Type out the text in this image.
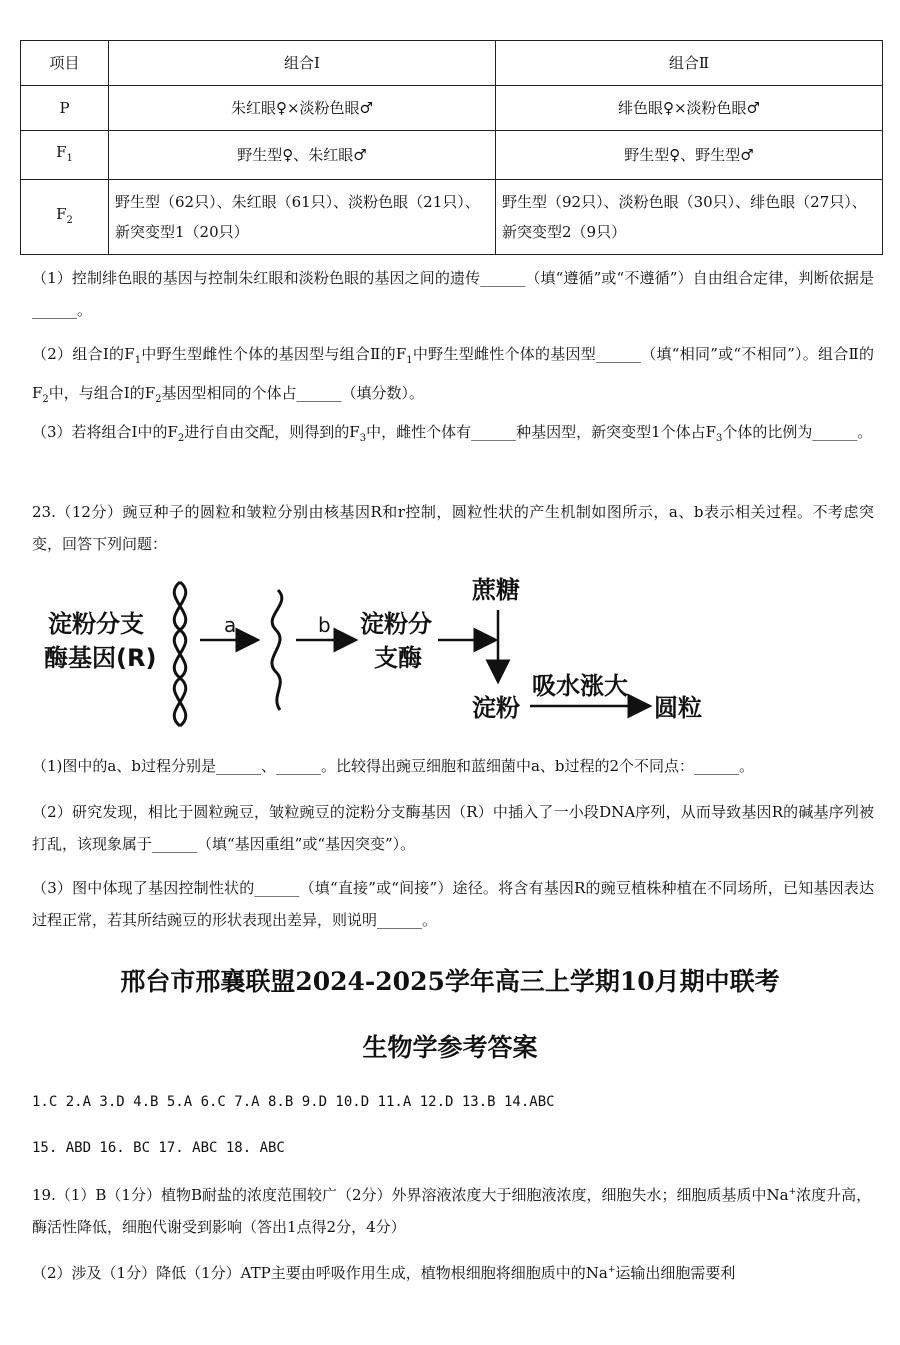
项目	组合Ⅰ	组合Ⅱ
P	朱红眼♀×淡粉色眼♂	绯色眼♀×淡粉色眼♂
$F_1$	野生型♀、朱红眼♂	野生型♀、野生型♂
$F_2$	野生型（62只）、朱红眼（61只）、淡粉色眼（21只）、新突变型1（20只）	野生型（92只）、淡粉色眼（30只）、绯色眼（27只）、新突变型2（9只）
（1）控制绯色眼的基因与控制朱红眼和淡粉色眼的基因之间的遗传______（填“遵循”或“不遵循”）自由组合定律，判断依据是______。
（2）组合Ⅰ的$F_1$中野生型雌性个体的基因型与组合Ⅱ的$F_1$中野生型雌性个体的基因型______（填“相同”或“不相同”）。组合Ⅱ的$F_2$中，与组合Ⅰ的$F_2$基因型相同的个体占______（填分数）。
（3）若将组合Ⅰ中的$F_2$进行自由交配，则得到的$F_3$中，雌性个体有______种基因型，新突变型1个体占$F_3$个体的比例为______。
23.（12分）豌豆种子的圆粒和皱粒分别由核基因R和r控制，圆粒性状的产生机制如图所示，a、b表示相关过程。不考虑突变，回答下列问题：
淀粉分支
酶基因(R)
a	b 淀粉分
支酶
蔗糖
淀粉
吸水涨大
圆粒
（1)图中的a、b过程分别是______、______。比较得出豌豆细胞和蓝细菌中a、b过程的2个不同点：______。
（2）研究发现，相比于圆粒豌豆，皱粒豌豆的淀粉分支酶基因（R）中插入了一小段DNA序列，从而导致基因R的碱基序列被打乱，该现象属于______（填“基因重组”或“基因突变”）。
（3）图中体现了基因控制性状的______（填“直接”或“间接”）途径。将含有基因R的豌豆植株种植在不同场所，已知基因表达过程正常，若其所结豌豆的形状表现出差异，则说明______。
邢台市邢襄联盟2024-2025学年高三上学期10月期中联考
生物学参考答案
1.C 2.A 3.D 4.B 5.A 6.C 7.A 8.B 9.D 10.D 11.A 12.D 13.B 14.ABC
15. ABD 16. BC 17. ABC 18. ABC
19.（1）B（1分）植物B耐盐的浓度范围较广（2分）外界溶液浓度大于细胞液浓度，细胞失水；细胞质基质中Na+浓度升高，酶活性降低，细胞代谢受到影响（答出1点得2分，4分）
（2）涉及（1分）降低（1分）ATP主要由呼吸作用生成，植物根细胞将细胞质中的Na+运输出细胞需要利
